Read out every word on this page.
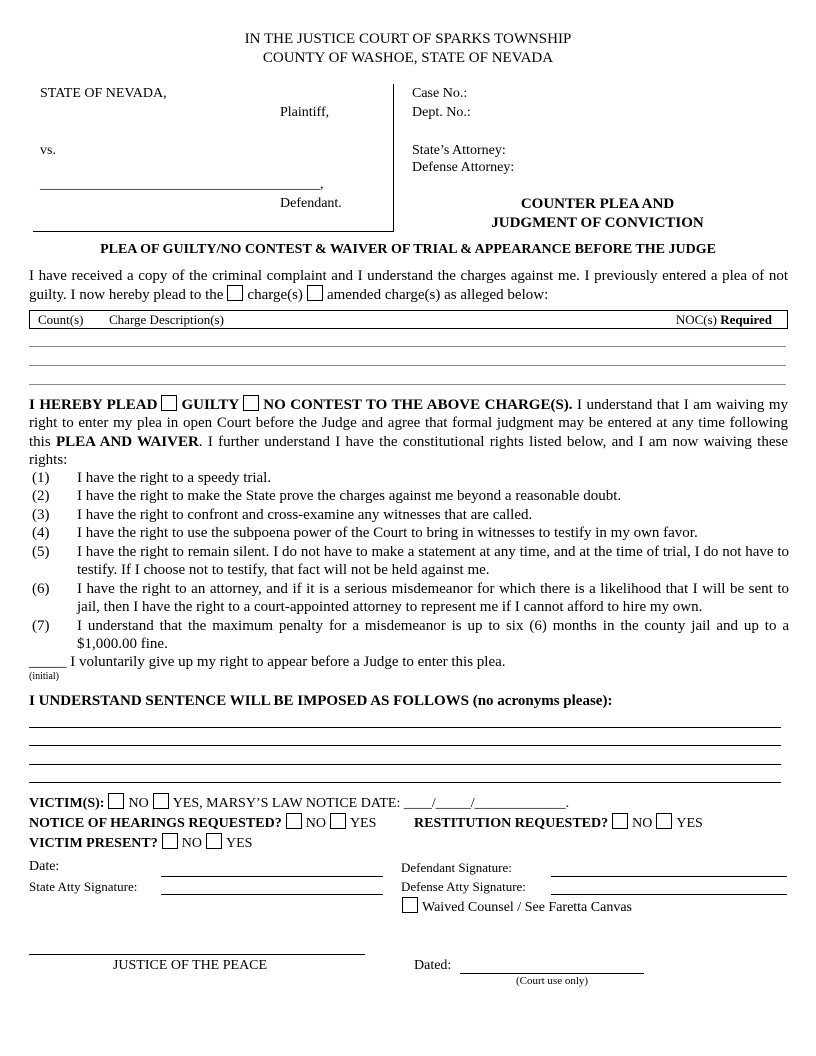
IN THE JUSTICE COURT OF SPARKS TOWNSHIP
COUNTY OF WASHOE, STATE OF NEVADA
STATE OF NEVADA,
Plaintiff,
vs.
________________________________________,
Defendant.
Case No.:
Dept. No.:
State’s Attorney:
Defense Attorney:
COUNTER PLEA AND
JUDGMENT OF CONVICTION
PLEA OF GUILTY/NO CONTEST & WAIVER OF TRIAL & APPEARANCE BEFORE THE JUDGE
I have received a copy of the criminal complaint and I understand the charges against me. I previously entered a plea of not guilty. I now hereby plead to the charge(s) amended charge(s) as alleged below:
Count(s) Charge Description(s)	NOC(s) Required
I HEREBY PLEAD GUILTY NO CONTEST TO THE ABOVE CHARGE(S). I understand that I am waiving my right to enter my plea in open Court before the Judge and agree that formal judgment may be entered at any time following this PLEA AND WAIVER. I further understand I have the constitutional rights listed below, and I am now waiving these rights:
(1) I have the right to a speedy trial.
(2) I have the right to make the State prove the charges against me beyond a reasonable doubt.
(3) I have the right to confront and cross-examine any witnesses that are called.
(4) I have the right to use the subpoena power of the Court to bring in witnesses to testify in my own favor.
(5) I have the right to remain silent. I do not have to make a statement at any time, and at the time of trial, I do not have to testify. If I choose not to testify, that fact will not be held against me.
(6) I have the right to an attorney, and if it is a serious misdemeanor for which there is a likelihood that I will be sent to jail, then I have the right to a court-appointed attorney to represent me if I cannot afford to hire my own.
(7) I understand that the maximum penalty for a misdemeanor is up to six (6) months in the county jail and up to a $1,000.00 fine.
_____ I voluntarily give up my right to appear before a Judge to enter this plea.
(initial)
I UNDERSTAND SENTENCE WILL BE IMPOSED AS FOLLOWS (no acronyms please):
VICTIM(S): NO YES, MARSY’S LAW NOTICE DATE: ____/_____/_____________.
NOTICE OF HEARINGS REQUESTED? NO YES	RESTITUTION REQUESTED? NO YES
VICTIM PRESENT? NO YES
Date:
State Atty Signature:
Defendant Signature:
Defense Atty Signature:
Waived Counsel / See Faretta Canvas
JUSTICE OF THE PEACE	Dated:
(Court use only)
